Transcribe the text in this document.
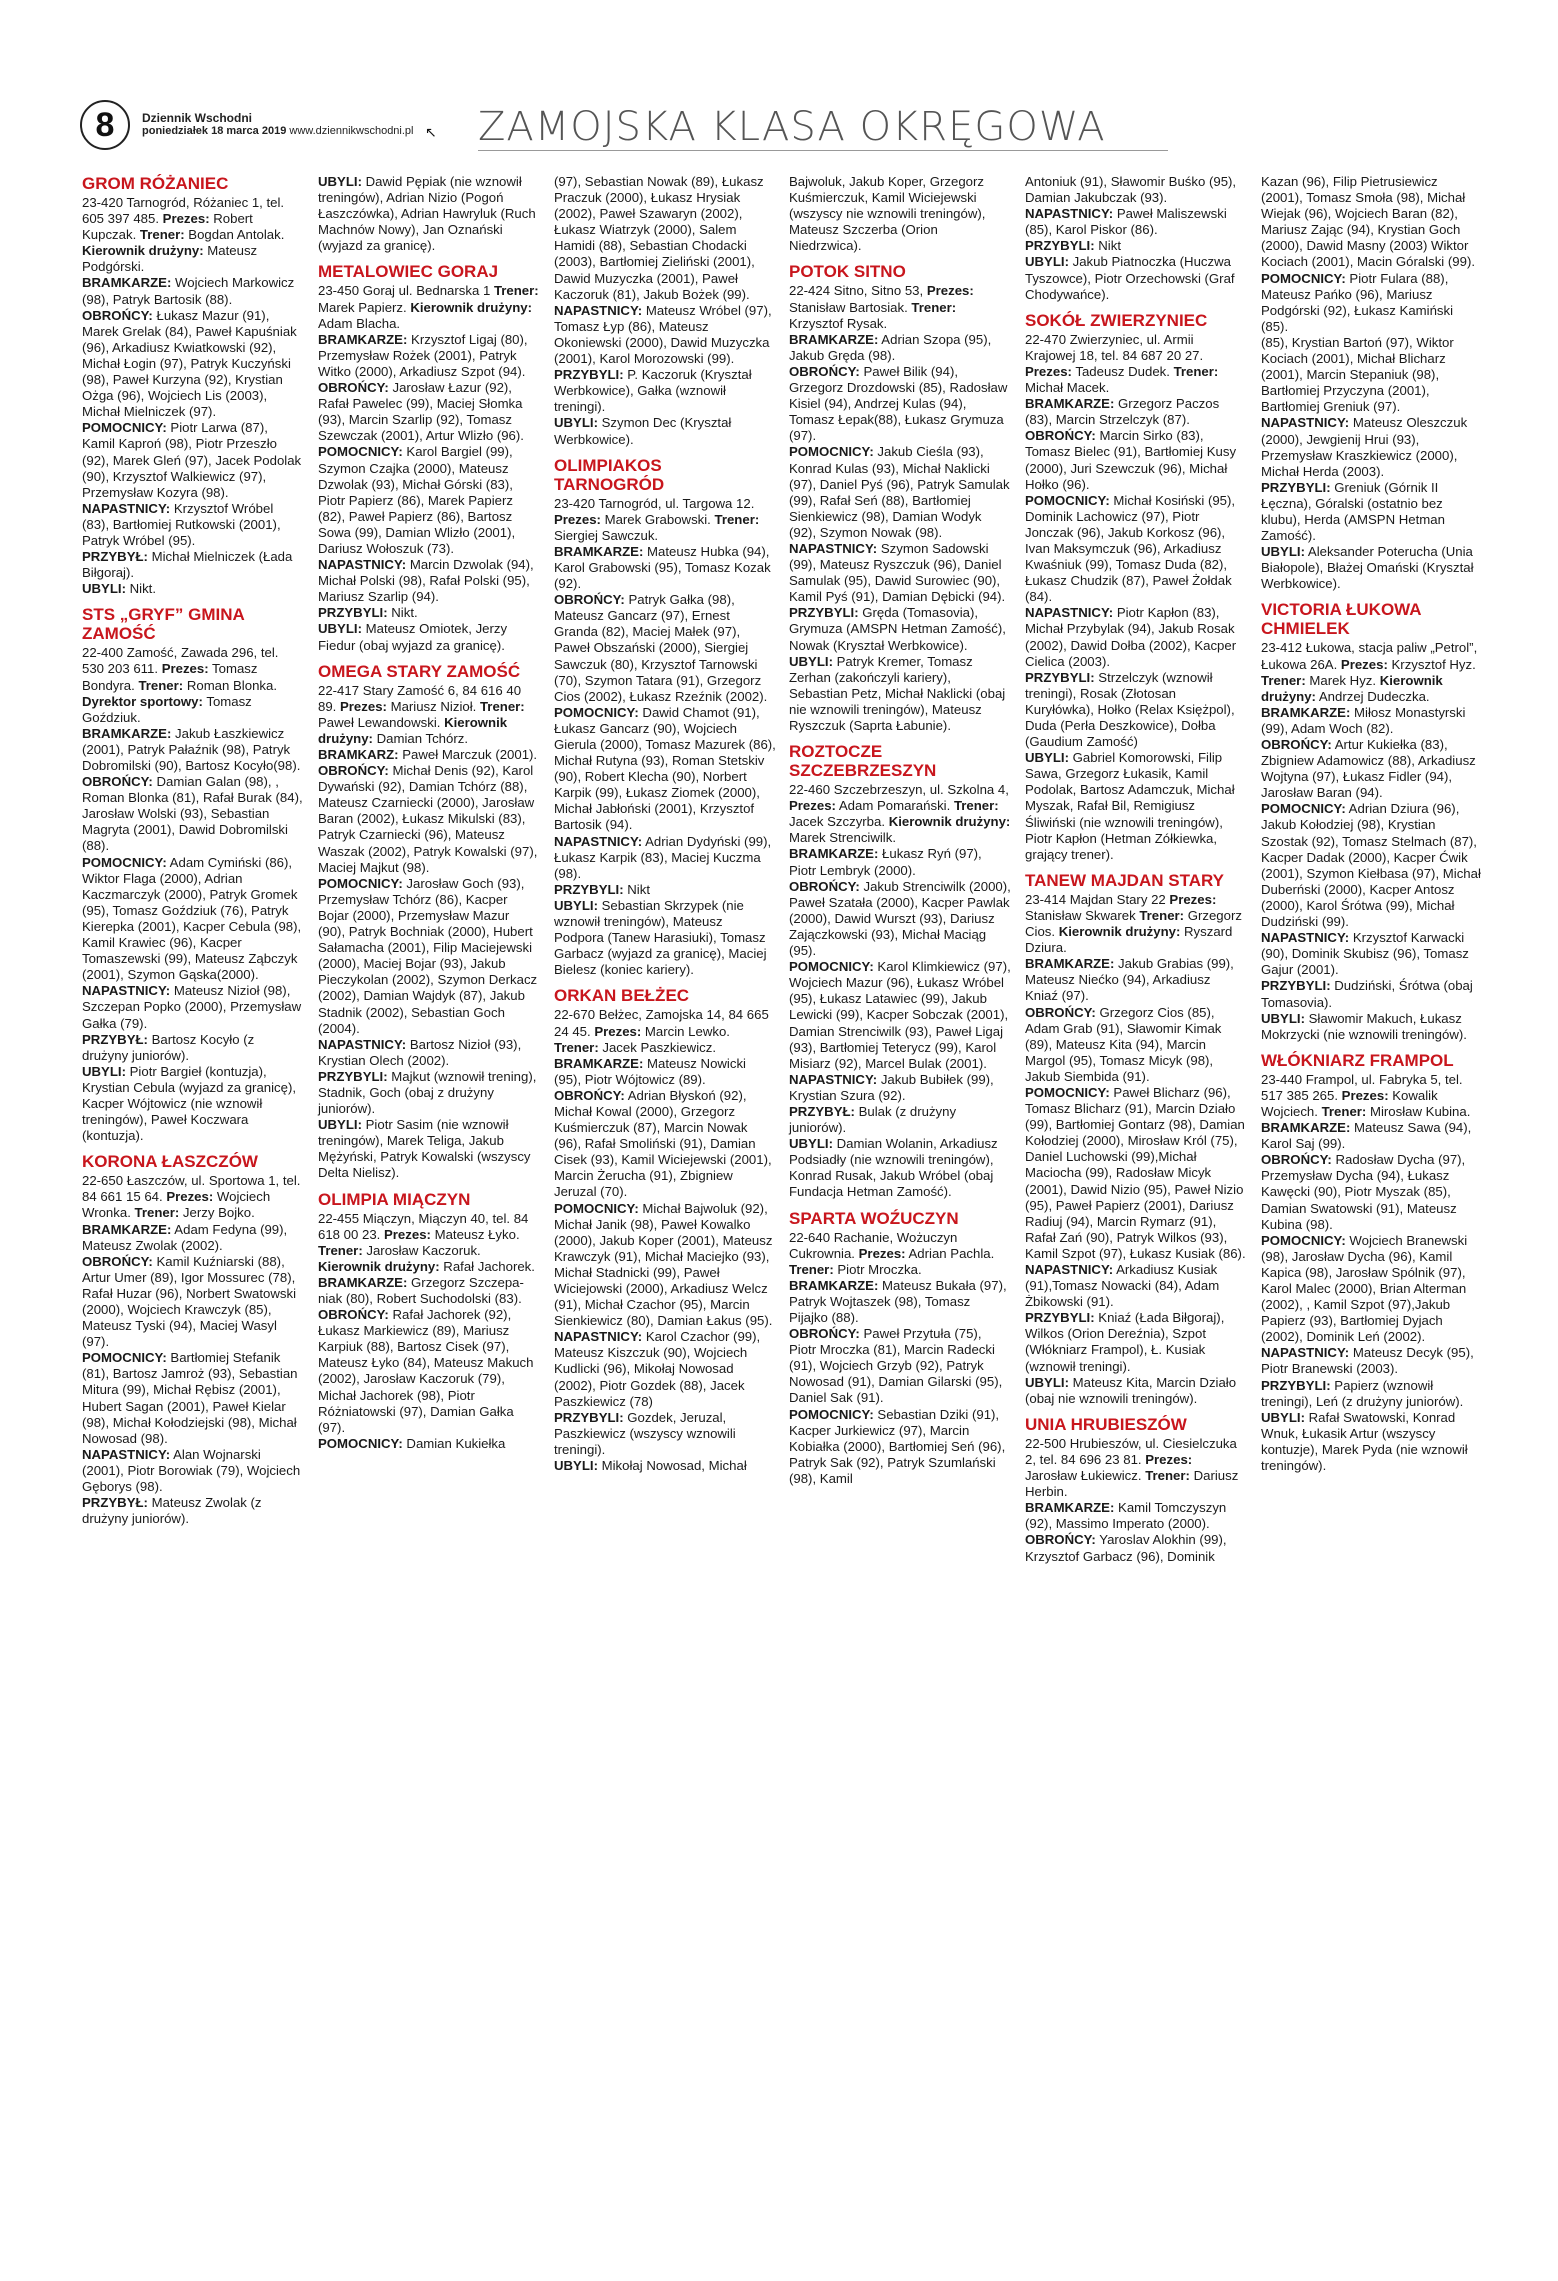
8	Dziennik Wschodni
poniedziałek 18 marca 2019 www.dziennikwschodni.pl ↖ ZAMOJSKA KLASA OKRĘGOWA
GROM RÓŻANIEC
23-420 Tarnogród, Różaniec 1, tel. 605 397 485. Prezes: Robert Kupczak. Trener: Bogdan Antolak. Kierownik drużyny: Mateusz Podgórski.
BRAMKARZE: Wojciech Markowicz (98), Patryk Bartosik (88).
OBROŃCY: Łukasz Mazur (91), Marek Grelak (84), Paweł Kapuśniak (96), Arkadiusz Kwiatkowski (92), Michał Łogin (97), Patryk Kuczyński (98), Paweł Kurzyna (92), Krystian Ożga (96), Wojciech Lis (2003), Michał Mielniczek (97).
POMOCNICY: Piotr Larwa (87), Kamil Kaproń (98), Piotr Przeszło (92), Marek Gleń (97), Jacek Podolak (90), Krzysztof Walkiewicz (97), Przemysław Kozyra (98).
NAPASTNICY: Krzysztof Wróbel (83), Bartłomiej Rutkowski (2001), Patryk Wróbel (95).
PRZYBYŁ: Michał Mielniczek (Łada Biłgoraj).
UBYLI: Nikt.
STS „GRYF” GMINA ZAMOŚĆ
22-400 Zamość, Zawada 296, tel. 530 203 611. Prezes: Tomasz Bondyra. Trener: Roman Blonka. Dyrektor sportowy: Tomasz Goździuk.
BRAMKARZE: Jakub Łaszkiewicz (2001), Patryk Pałaźnik (98), Patryk Dobromilski (90), Bartosz Kocyło(98).
OBROŃCY: Damian Galan (98), , Roman Blonka (81), Rafał Burak (84), Jarosław Wolski (93), Sebastian Magryta (2001), Dawid Dobromilski (88).
POMOCNICY: Adam Cymiński (86), Wiktor Flaga (2000), Adrian Kaczmarczyk (2000), Patryk Gromek (95), Tomasz Goździuk (76), Patryk Kierepka (2001), Kacper Cebula (98), Kamil Krawiec (96), Kacper Tomaszewski (99), Mateusz Ząbczyk (2001), Szymon Gąska(2000).
NAPASTNICY: Mateusz Nizioł (98), Szczepan Popko (2000), Przemysław Gałka (79).
PRZYBYŁ: Bartosz Kocyło (z drużyny juniorów).
UBYLI: Piotr Bargieł (kontuzja), Krystian Cebula (wyjazd za granicę), Kacper Wójtowicz (nie wznowił treningów), Paweł Koczwara (kontuzja).
KORONA ŁASZCZÓW
22-650 Łaszczów, ul. Sportowa 1, tel. 84 661 15 64. Prezes: Wojciech Wronka. Trener: Jerzy Bojko.
BRAMKARZE: Adam Fedyna (99), Mateusz Zwolak (2002).
OBROŃCY: Kamil Kuźniarski (88), Artur Umer (89), Igor Mossurec (78), Rafał Huzar (96), Norbert Swatowski (2000), Wojciech Krawczyk (85), Mateusz Tyski (94), Maciej Wasyl (97).
POMOCNICY: Bartłomiej Stefanik (81), Bartosz Jamroż (93), Sebastian Mitura (99), Michał Rębisz (2001), Hubert Sagan (2001), Paweł Kielar (98), Michał Kołodziejski (98), Michał Nowosad (98).
NAPASTNICY: Alan Wojnarski (2001), Piotr Borowiak (79), Wojciech Gęborys (98).
PRZYBYŁ: Mateusz Zwolak (z drużyny juniorów).
UBYLI: Dawid Pępiak (nie wznowił treningów), Adrian Nizio (Pogoń Łaszczówka), Adrian Hawryluk (Ruch Machnów Nowy), Jan Oznański (wyjazd za granicę).
METALOWIEC GORAJ
23-450 Goraj ul. Bednarska 1 Trener: Marek Papierz. Kierownik drużyny: Adam Blacha.
BRAMKARZE: Krzysztof Ligaj (80), Przemysław Rożek (2001), Patryk Witko (2000), Arkadiusz Szpot (94).
OBROŃCY: Jarosław Łazur (92), Rafał Pawelec (99), Maciej Słomka (93), Marcin Szarlip (92), Tomasz Szewczak (2001), Artur Wlizło (96).
POMOCNICY: Karol Bargiel (99), Szymon Czajka (2000), Mateusz Dzwolak (93), Michał Górski (83), Piotr Papierz (86), Marek Papierz (82), Paweł Papierz (86), Bartosz Sowa (99), Damian Wlizło (2001), Dariusz Wołoszuk (73).
NAPASTNICY: Marcin Dzwolak (94), Michał Polski (98), Rafał Polski (95), Mariusz Szarlip (94).
PRZYBYLI: Nikt.
UBYLI: Mateusz Omiotek, Jerzy Fiedur (obaj wyjazd za granicę).
OMEGA STARY ZAMOŚĆ
22-417 Stary Zamość 6, 84 616 40 89. Prezes: Mariusz Nizioł. Trener: Paweł Lewandowski. Kierownik drużyny: Damian Tchórz.
BRAMKARZ: Paweł Marczuk (2001).
OBROŃCY: Michał Denis (92), Karol Dywański (92), Damian Tchórz (88), Mateusz Czarniecki (2000), Jarosław Baran (2002), Łukasz Mikulski (83), Patryk Czarniecki (96), Mateusz Waszak (2002), Patryk Kowalski (97), Maciej Majkut (98).
POMOCNICY: Jarosław Goch (93), Przemysław Tchórz (86), Kacper Bojar (2000), Przemysław Mazur (90), Patryk Bochniak (2000), Hubert Sałamacha (2001), Filip Maciejewski (2000), Maciej Bojar (93), Jakub Pieczykolan (2002), Szymon Derkacz (2002), Damian Wajdyk (87), Jakub Stadnik (2002), Sebastian Goch (2004).
NAPASTNICY: Bartosz Nizioł (93), Krystian Olech (2002).
PRZYBYLI: Majkut (wznowił trening), Stadnik, Goch (obaj z drużyny juniorów).
UBYLI: Piotr Sasim (nie wznowił treningów), Marek Teliga, Jakub Mężyński, Patryk Kowalski (wszyscy Delta Nielisz).
OLIMPIA MIĄCZYN
22-455 Miączyn, Miączyn 40, tel. 84 618 00 23. Prezes: Mateusz Łyko. Trener: Jarosław Kaczoruk. Kierownik drużyny: Rafał Jachorek.
BRAMKARZE: Grzegorz Szczepaniak (80), Robert Suchodolski (83).
OBROŃCY: Rafał Jachorek (92), Łukasz Markiewicz (89), Mariusz Karpiuk (88), Bartosz Cisek (97), Mateusz Łyko (84), Mateusz Makuch (2002), Jarosław Kaczoruk (79), Michał Jachorek (98), Piotr Różniatowski (97), Damian Gałka (97).
POMOCNICY: Damian Kukiełka
(97), Sebastian Nowak (89), Łukasz Praczuk (2000), Łukasz Hrysiak (2002), Paweł Szawaryn (2002), Łukasz Wiatrzyk (2000), Salem Hamidi (88), Sebastian Chodacki (2003), Bartłomiej Zieliński (2001), Dawid Muzyczka (2001), Paweł Kaczoruk (81), Jakub Bożek (99).
NAPASTNICY: Mateusz Wróbel (97), Tomasz Łyp (86), Mateusz Okoniewski (2000), Dawid Muzyczka (2001), Karol Morozowski (99).
PRZYBYLI: P. Kaczoruk (Kryształ Werbkowice), Gałka (wznowił treningi).
UBYLI: Szymon Dec (Kryształ Werbkowice).
OLIMPIAKOS TARNOGRÓD
23-420 Tarnogród, ul. Targowa 12. Prezes: Marek Grabowski. Trener: Siergiej Sawczuk.
BRAMKARZE: Mateusz Hubka (94), Karol Grabowski (95), Tomasz Kozak (92).
OBROŃCY: Patryk Gałka (98), Mateusz Gancarz (97), Ernest Granda (82), Maciej Małek (97), Paweł Obszański (2000), Siergiej Sawczuk (80), Krzysztof Tarnowski (70), Szymon Tatara (91), Grzegorz Cios (2002), Łukasz Rzeźnik (2002).
POMOCNICY: Dawid Chamot (91), Łukasz Gancarz (90), Wojciech Gierula (2000), Tomasz Mazurek (86), Michał Rutyna (93), Roman Stetskiv (90), Robert Klecha (90), Norbert Karpik (99), Łukasz Ziomek (2000), Michał Jabłoński (2001), Krzysztof Bartosik (94).
NAPASTNICY: Adrian Dydyński (99), Łukasz Karpik (83), Maciej Kuczma (98).
PRZYBYLI: Nikt
UBYLI: Sebastian Skrzypek (nie wznowił treningów), Mateusz Podpora (Tanew Harasiuki), Tomasz Garbacz (wyjazd za granicę), Maciej Bielesz (koniec kariery).
ORKAN BEŁŻEC
22-670 Bełżec, Zamojska 14, 84 665 24 45. Prezes: Marcin Lewko. Trener: Jacek Paszkiewicz.
BRAMKARZE: Mateusz Nowicki (95), Piotr Wójtowicz (89).
OBROŃCY: Adrian Błyskoń (92), Michał Kowal (2000), Grzegorz Kuśmierczuk (87), Marcin Nowak (96), Rafał Smoliński (91), Damian Cisek (93), Kamil Wiciejewski (2001), Marcin Żerucha (91), Zbigniew Jeruzal (70).
POMOCNICY: Michał Bajwoluk (92), Michał Janik (98), Paweł Kowalko (2000), Jakub Koper (2001), Mateusz Krawczyk (91), Michał Maciejko (93), Michał Stadnicki (99), Paweł Wiciejowski (2000), Arkadiusz Welcz (91), Michał Czachor (95), Marcin Sienkiewicz (80), Damian Łakus (95).
NAPASTNICY: Karol Czachor (99), Mateusz Kiszczuk (90), Wojciech Kudlicki (96), Mikołaj Nowosad (2002), Piotr Gozdek (88), Jacek Paszkiewicz (78)
PRZYBYLI: Gozdek, Jeruzal, Paszkiewicz (wszyscy wznowili treningi).
UBYLI: Mikołaj Nowosad, Michał
Bajwoluk, Jakub Koper, Grzegorz Kuśmierczuk, Kamil Wiciejewski (wszyscy nie wznowili treningów), Mateusz Szczerba (Orion Niedrzwica).
POTOK SITNO
22-424 Sitno, Sitno 53, Prezes: Stanisław Bartosiak. Trener: Krzysztof Rysak.
BRAMKARZE: Adrian Szopa (95), Jakub Gręda (98).
OBROŃCY: Paweł Bilik (94), Grzegorz Drozdowski (85), Radosław Kisiel (94), Andrzej Kulas (94), Tomasz Łepak(88), Łukasz Grymuza (97).
POMOCNICY: Jakub Cieśla (93), Konrad Kulas (93), Michał Naklicki (97), Daniel Pyś (96), Patryk Samulak (99), Rafał Seń (88), Bartłomiej Sienkiewicz (98), Damian Wodyk (92), Szymon Nowak (98).
NAPASTNICY: Szymon Sadowski (99), Mateusz Ryszczuk (96), Daniel Samulak (95), Dawid Surowiec (90), Kamil Pyś (91), Damian Dębicki (94).
PRZYBYLI: Gręda (Tomasovia), Grymuza (AMSPN Hetman Zamość), Nowak (Kryształ Werbkowice).
UBYLI: Patryk Kremer, Tomasz Zerhan (zakończyli kariery), Sebastian Petz, Michał Naklicki (obaj nie wznowili treningów), Mateusz Ryszczuk (Saprta Łabunie).
ROZTOCZE SZCZEBRZESZYN
22-460 Szczebrzeszyn, ul. Szkolna 4, Prezes: Adam Pomarański. Trener: Jacek Szczyrba. Kierownik drużyny: Marek Strenciwilk.
BRAMKARZE: Łukasz Ryń (97), Piotr Lembryk (2000).
OBROŃCY: Jakub Strenciwilk (2000), Paweł Szatała (2000), Kacper Pawlak (2000), Dawid Wurszt (93), Dariusz Zajączkowski (93), Michał Maciąg (95).
POMOCNICY: Karol Klimkiewicz (97), Wojciech Mazur (96), Łukasz Wróbel (95), Łukasz Latawiec (99), Jakub Lewicki (99), Kacper Sobczak (2001), Damian Strenciwilk (93), Paweł Ligaj (93), Bartłomiej Teterycz (99), Karol Misiarz (92), Marcel Bulak (2001).
NAPASTNICY: Jakub Bubiłek (99), Krystian Szura (92).
PRZYBYŁ: Bulak (z drużyny juniorów).
UBYLI: Damian Wolanin, Arkadiusz Podsiadły (nie wznowili treningów), Konrad Rusak, Jakub Wróbel (obaj Fundacja Hetman Zamość).
SPARTA WOŹUCZYN
22-640 Rachanie, Wożuczyn Cukrownia. Prezes: Adrian Pachla. Trener: Piotr Mroczka.
BRAMKARZE: Mateusz Bukała (97), Patryk Wojtaszek (98), Tomasz Pijajko (88).
OBROŃCY: Paweł Przytuła (75), Piotr Mroczka (81), Marcin Radecki (91), Wojciech Grzyb (92), Patryk Nowosad (91), Damian Gilarski (95), Daniel Sak (91).
POMOCNICY: Sebastian Dziki (91), Kacper Jurkiewicz (97), Marcin Kobiałka (2000), Bartłomiej Seń (96), Patryk Sak (92), Patryk Szumlański (98), Kamil
Antoniuk (91), Sławomir Buśko (95), Damian Jakubczak (93).
NAPASTNICY: Paweł Maliszewski (85), Karol Piskor (86).
PRZYBYLI: Nikt
UBYLI: Jakub Piatnoczka (Huczwa Tyszowce), Piotr Orzechowski (Graf Chodywańce).
SOKÓŁ ZWIERZYNIEC
22-470 Zwierzyniec, ul. Armii Krajowej 18, tel. 84 687 20 27. Prezes: Tadeusz Dudek. Trener: Michał Macek.
BRAMKARZE: Grzegorz Paczos (83), Marcin Strzelczyk (87).
OBROŃCY: Marcin Sirko (83), Tomasz Bielec (91), Bartłomiej Kusy (2000), Juri Szewczuk (96), Michał Hołko (96).
POMOCNICY: Michał Kosiński (95), Dominik Lachowicz (97), Piotr Jonczak (96), Jakub Korkosz (96), Ivan Maksymczuk (96), Arkadiusz Kwaśniuk (99), Tomasz Duda (82), Łukasz Chudzik (87), Paweł Żołdak (84).
NAPASTNICY: Piotr Kapłon (83), Michał Przybylak (94), Jakub Rosak (2002), Dawid Dołba (2002), Kacper Cielica (2003).
PRZYBYLI: Strzelczyk (wznowił treningi), Rosak (Złotosan Kuryłówka), Hołko (Relax Księżpol), Duda (Perła Deszkowice), Dołba (Gaudium Zamość)
UBYLI: Gabriel Komorowski, Filip Sawa, Grzegorz Łukasik, Kamil Podolak, Bartosz Adamczuk, Michał Myszak, Rafał Bil, Remigiusz Śliwiński (nie wznowili treningów), Piotr Kapłon (Hetman Zółkiewka, grający trener).
TANEW MAJDAN STARY
23-414 Majdan Stary 22 Prezes: Stanisław Skwarek Trener: Grzegorz Cios. Kierownik drużyny: Ryszard Dziura.
BRAMKARZE: Jakub Grabias (99), Mateusz Niećko (94), Arkadiusz Kniaź (97).
OBROŃCY: Grzegorz Cios (85), Adam Grab (91), Sławomir Kimak (89), Mateusz Kita (94), Marcin Margol (95), Tomasz Micyk (98), Jakub Siembida (91).
POMOCNICY: Paweł Blicharz (96), Tomasz Blicharz (91), Marcin Działo (99), Bartłomiej Gontarz (98), Damian Kołodziej (2000), Mirosław Król (75), Daniel Luchowski (99),Michał Maciocha (99), Radosław Micyk (2001), Dawid Nizio (95), Paweł Nizio (95), Paweł Papierz (2001), Dariusz Radiuj (94), Marcin Rymarz (91), Rafał Zań (90), Patryk Wilkos (93), Kamil Szpot (97), Łukasz Kusiak (86).
NAPASTNICY: Arkadiusz Kusiak (91),Tomasz Nowacki (84), Adam Żbikowski (91).
PRZYBYLI: Kniaź (Łada Biłgoraj), Wilkos (Orion Dereźnia), Szpot (Włókniarz Frampol), Ł. Kusiak (wznowił treningi).
UBYLI: Mateusz Kita, Marcin Działo (obaj nie wznowili treningów).
UNIA HRUBIESZÓW
22-500 Hrubieszów, ul. Ciesielczuka 2, tel. 84 696 23 81. Prezes: Jarosław Łukiewicz. Trener: Dariusz Herbin.
BRAMKARZE: Kamil Tomczyszyn (92), Massimo Imperato (2000).
OBROŃCY: Yaroslav Alokhin (99), Krzysztof Garbacz (96), Dominik
Kazan (96), Filip Pietrusiewicz (2001), Tomasz Smoła (98), Michał Wiejak (96), Wojciech Baran (82), Mariusz Zając (94), Krystian Goch (2000), Dawid Masny (2003) Wiktor Kociach (2001), Macin Góralski (99).
POMOCNICY: Piotr Fulara (88), Mateusz Pańko (96), Mariusz Podgórski (92), Łukasz Kamiński (85).
(85), Krystian Bartoń (97), Wiktor Kociach (2001), Michał Blicharz (2001), Marcin Stepaniuk (98), Bartłomiej Przyczyna (2001), Bartłomiej Greniuk (97).
NAPASTNICY: Mateusz Oleszczuk (2000), Jewgienij Hrui (93), Przemysław Kraszkiewicz (2000), Michał Herda (2003).
PRZYBYLI: Greniuk (Górnik II Łęczna), Góralski (ostatnio bez klubu), Herda (AMSPN Hetman Zamość).
UBYLI: Aleksander Poterucha (Unia Białopole), Błażej Omański (Kryształ Werbkowice).
VICTORIA ŁUKOWA CHMIELEK
23-412 Łukowa, stacja paliw „Petrol”, Łukowa 26A. Prezes: Krzysztof Hyz. Trener: Marek Hyz. Kierownik drużyny: Andrzej Dudeczka.
BRAMKARZE: Miłosz Monastyrski (99), Adam Woch (82).
OBROŃCY: Artur Kukiełka (83), Zbigniew Adamowicz (88), Arkadiusz Wojtyna (97), Łukasz Fidler (94), Jarosław Baran (94).
POMOCNICY: Adrian Dziura (96), Jakub Kołodziej (98), Krystian Szostak (92), Tomasz Stelmach (87), Kacper Dadak (2000), Kacper Ćwik (2001), Szymon Kiełbasa (97), Michał Duberński (2000), Kacper Antosz (2000), Karol Śrótwa (99), Michał Dudziński (99).
NAPASTNICY: Krzysztof Karwacki (90), Dominik Skubisz (96), Tomasz Gajur (2001).
PRZYBYLI: Dudziński, Śrótwa (obaj Tomasovia).
UBYLI: Sławomir Makuch, Łukasz Mokrzycki (nie wznowili treningów).
WŁÓKNIARZ FRAMPOL
23-440 Frampol, ul. Fabryka 5, tel. 517 385 265. Prezes: Kowalik Wojciech. Trener: Mirosław Kubina.
BRAMKARZE: Mateusz Sawa (94), Karol Saj (99).
OBROŃCY: Radosław Dycha (97), Przemysław Dycha (94), Łukasz Kawęcki (90), Piotr Myszak (85), Damian Swatowski (91), Mateusz Kubina (98).
POMOCNICY: Wojciech Branewski (98), Jarosław Dycha (96), Kamil Kapica (98), Jarosław Spólnik (97), Karol Malec (2000), Brian Alterman (2002), , Kamil Szpot (97),Jakub Papierz (93), Bartłomiej Dyjach (2002), Dominik Leń (2002).
NAPASTNICY: Mateusz Decyk (95), Piotr Branewski (2003).
PRZYBYLI: Papierz (wznowił treningi), Leń (z drużyny juniorów).
UBYLI: Rafał Swatowski, Konrad Wnuk, Łukasik Artur (wszyscy kontuzje), Marek Pyda (nie wznowił treningów).
